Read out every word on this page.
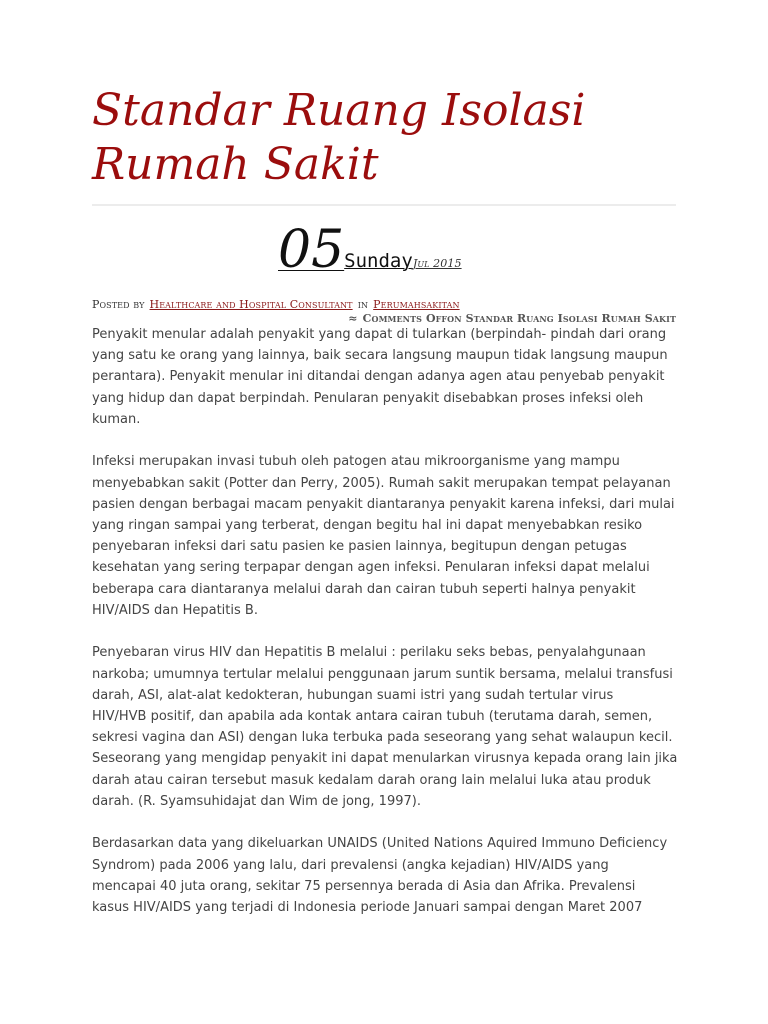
Standar Ruang Isolasi Rumah Sakit
05SundayJul 2015
Posted by Healthcare and Hospital Consultant in Perumahsakitan
≈ Comments Offon Standar Ruang Isolasi Rumah Sakit

Penyakit menular adalah penyakit yang dapat di tularkan (berpindah- pindah dari orang
yang satu ke orang yang lainnya, baik secara langsung maupun tidak langsung maupun
perantara). Penyakit menular ini ditandai dengan adanya agen atau penyebab penyakit
yang hidup dan dapat berpindah. Penularan penyakit disebabkan proses infeksi oleh
kuman.

Infeksi merupakan invasi tubuh oleh patogen atau mikroorganisme yang mampu
menyebabkan sakit (Potter dan Perry, 2005). Rumah sakit merupakan tempat pelayanan
pasien dengan berbagai macam penyakit diantaranya penyakit karena infeksi, dari mulai
yang ringan sampai yang terberat, dengan begitu hal ini dapat menyebabkan resiko
penyebaran infeksi dari satu pasien ke pasien lainnya, begitupun dengan petugas
kesehatan yang sering terpapar dengan agen infeksi. Penularan infeksi dapat melalui
beberapa cara diantaranya melalui darah dan cairan tubuh seperti halnya penyakit
HIV/AIDS dan Hepatitis B.

Penyebaran virus HIV dan Hepatitis B melalui : perilaku seks bebas, penyalahgunaan
narkoba; umumnya tertular melalui penggunaan jarum suntik bersama, melalui transfusi
darah, ASI, alat-alat kedokteran, hubungan suami istri yang sudah tertular virus
HIV/HVB positif, dan apabila ada kontak antara cairan tubuh (terutama darah, semen,
sekresi vagina dan ASI) dengan luka terbuka pada seseorang yang sehat walaupun kecil.
Seseorang yang mengidap penyakit ini dapat menularkan virusnya kepada orang lain jika
darah atau cairan tersebut masuk kedalam darah orang lain melalui luka atau produk
darah. (R. Syamsuhidajat dan Wim de jong, 1997).

Berdasarkan data yang dikeluarkan UNAIDS (United Nations Aquired Immuno Deficiency
Syndrom) pada 2006 yang lalu, dari prevalensi (angka kejadian) HIV/AIDS yang
mencapai 40 juta orang, sekitar 75 persennya berada di Asia dan Afrika. Prevalensi
kasus HIV/AIDS yang terjadi di Indonesia periode Januari sampai dengan Maret 2007
